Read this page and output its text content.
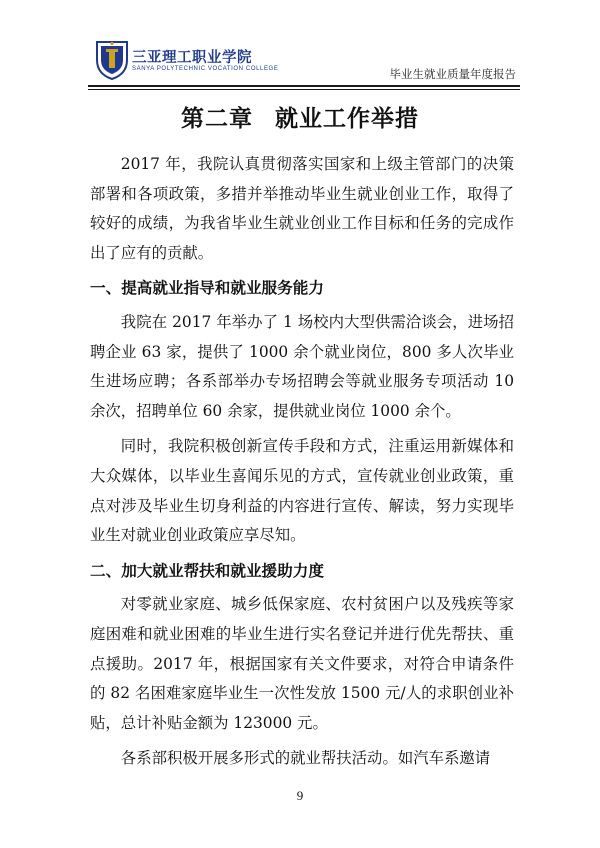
三亚理工职业学院
SANYA POLYTECHNIC VOCATION COLLEGE	毕业生就业质量年度报告
第二章 就业工作举措

2017 年，我院认真贯彻落实国家和上级主管部门的决策部署和各项政策，多措并举推动毕业生就业创业工作，取得了较好的成绩，为我省毕业生就业创业工作目标和任务的完成作出了应有的贡献。

一、提高就业指导和就业服务能力

我院在 2017 年举办了 1 场校内大型供需洽谈会，进场招聘企业 63 家，提供了 1000 余个就业岗位，800 多人次毕业生进场应聘；各系部举办专场招聘会等就业服务专项活动 10 余次，招聘单位 60 余家，提供就业岗位 1000 余个。

同时，我院积极创新宣传手段和方式，注重运用新媒体和大众媒体，以毕业生喜闻乐见的方式，宣传就业创业政策，重点对涉及毕业生切身利益的内容进行宣传、解读，努力实现毕业生对就业创业政策应享尽知。

二、加大就业帮扶和就业援助力度

对零就业家庭、城乡低保家庭、农村贫困户以及残疾等家庭困难和就业困难的毕业生进行实名登记并进行优先帮扶、重点援助。2017 年，根据国家有关文件要求，对符合申请条件的 82 名困难家庭毕业生一次性发放 1500 元/人的求职创业补贴，总计补贴金额为 123000 元。

各系部积极开展多形式的就业帮扶活动。如汽车系邀请

9
